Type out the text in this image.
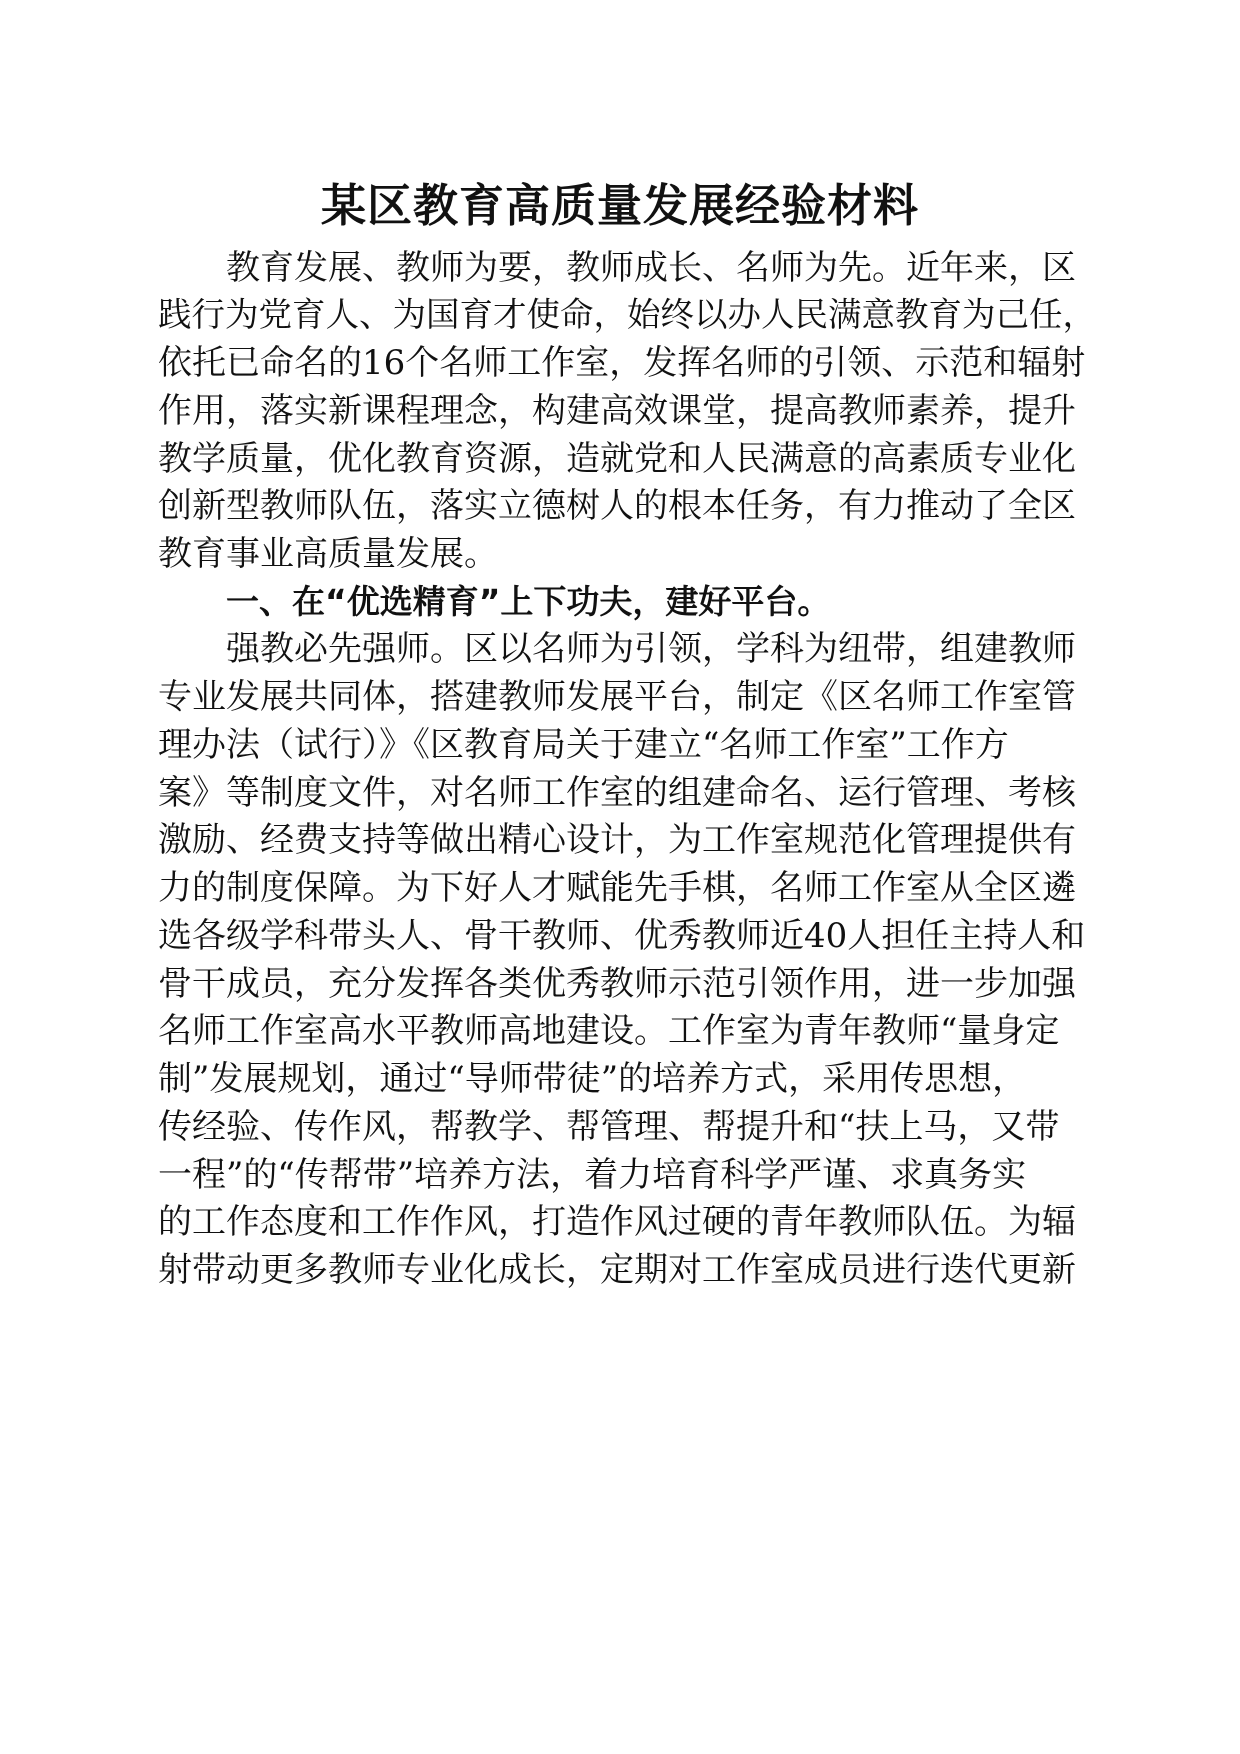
某区教育高质量发展经验材料

教育发展、教师为要，教师成长、名师为先。近年来，区

践行为党育人、为国育才使命，始终以办人民满意教育为己任，

依托已命名的16个名师工作室，发挥名师的引领、示范和辐射

作用，落实新课程理念，构建高效课堂，提高教师素养，提升

教学质量，优化教育资源，造就党和人民满意的高素质专业化

创新型教师队伍，落实立德树人的根本任务，有力推动了全区

教育事业高质量发展。

一、在“优选精育”上下功夫，建好平台。

强教必先强师。区以名师为引领，学科为纽带，组建教师

专业发展共同体，搭建教师发展平台，制定《区名师工作室管

理办法（试行）》《区教育局关于建立“名师工作室”工作方

案》等制度文件，对名师工作室的组建命名、运行管理、考核

激励、经费支持等做出精心设计，为工作室规范化管理提供有

力的制度保障。为下好人才赋能先手棋，名师工作室从全区遴

选各级学科带头人、骨干教师、优秀教师近40人担任主持人和

骨干成员，充分发挥各类优秀教师示范引领作用，进一步加强

名师工作室高水平教师高地建设。工作室为青年教师“量身定

制”发展规划，通过“导师带徒”的培养方式，采用传思想，

传经验、传作风，帮教学、帮管理、帮提升和“扶上马，又带

一程”的“传帮带”培养方法，着力培育科学严谨、求真务实

的工作态度和工作作风，打造作风过硬的青年教师队伍。为辐

射带动更多教师专业化成长，定期对工作室成员进行迭代更新
